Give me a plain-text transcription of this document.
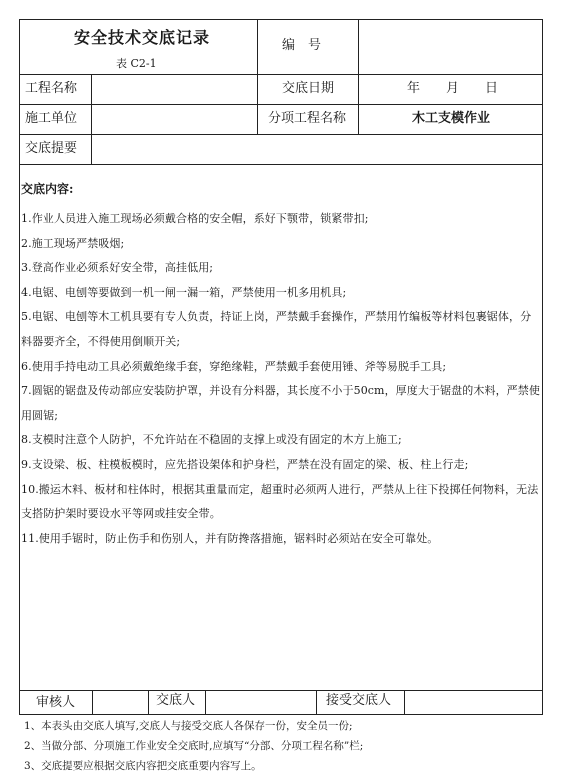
安全技术交底记录
表 C2-1
编　号
工程名称	交底日期	年　　月　　日
施工单位	分项工程名称	木工支模作业
交底提要
交底内容:
1.作业人员进入施工现场必须戴合格的安全帽，系好下颚带，锁紧带扣;
2.施工现场严禁吸烟;
3.登高作业必须系好安全带，高挂低用;
4.电锯、电刨等要做到一机一闸一漏一箱，严禁使用一机多用机具;
5.电锯、电刨等木工机具要有专人负责，持证上岗，严禁戴手套操作，严禁用竹编板等材料包裹锯体，分料器要齐全，不得使用倒顺开关;
6.使用手持电动工具必须戴绝缘手套，穿绝缘鞋，严禁戴手套使用锤、斧等易脱手工具;
7.圆锯的锯盘及传动部应安装防护罩，并设有分料器，其长度不小于50cm，厚度大于锯盘的木料，严禁使用圆锯;
8.支模时注意个人防护，不允许站在不稳固的支撑上或没有固定的木方上施工;
9.支设梁、板、柱模板模时，应先搭设架体和护身栏，严禁在没有固定的梁、板、柱上行走;
10.搬运木料、板材和柱体时，根据其重量而定，超重时必须两人进行，严禁从上往下投掷任何物料，无法支搭防护架时要设水平等网或挂安全带。
11.使用手锯时，防止伤手和伤别人，并有防搀落措施，锯料时必须站在安全可靠处。
审核人	交底人	接受交底人
1、本表头由交底人填写,交底人与接受交底人各保存一份，安全员一份;
2、当做分部、分项施工作业安全交底时,应填写“分部、分项工程名称”栏;
3、交底提要应根据交底内容把交底重要内容写上。
